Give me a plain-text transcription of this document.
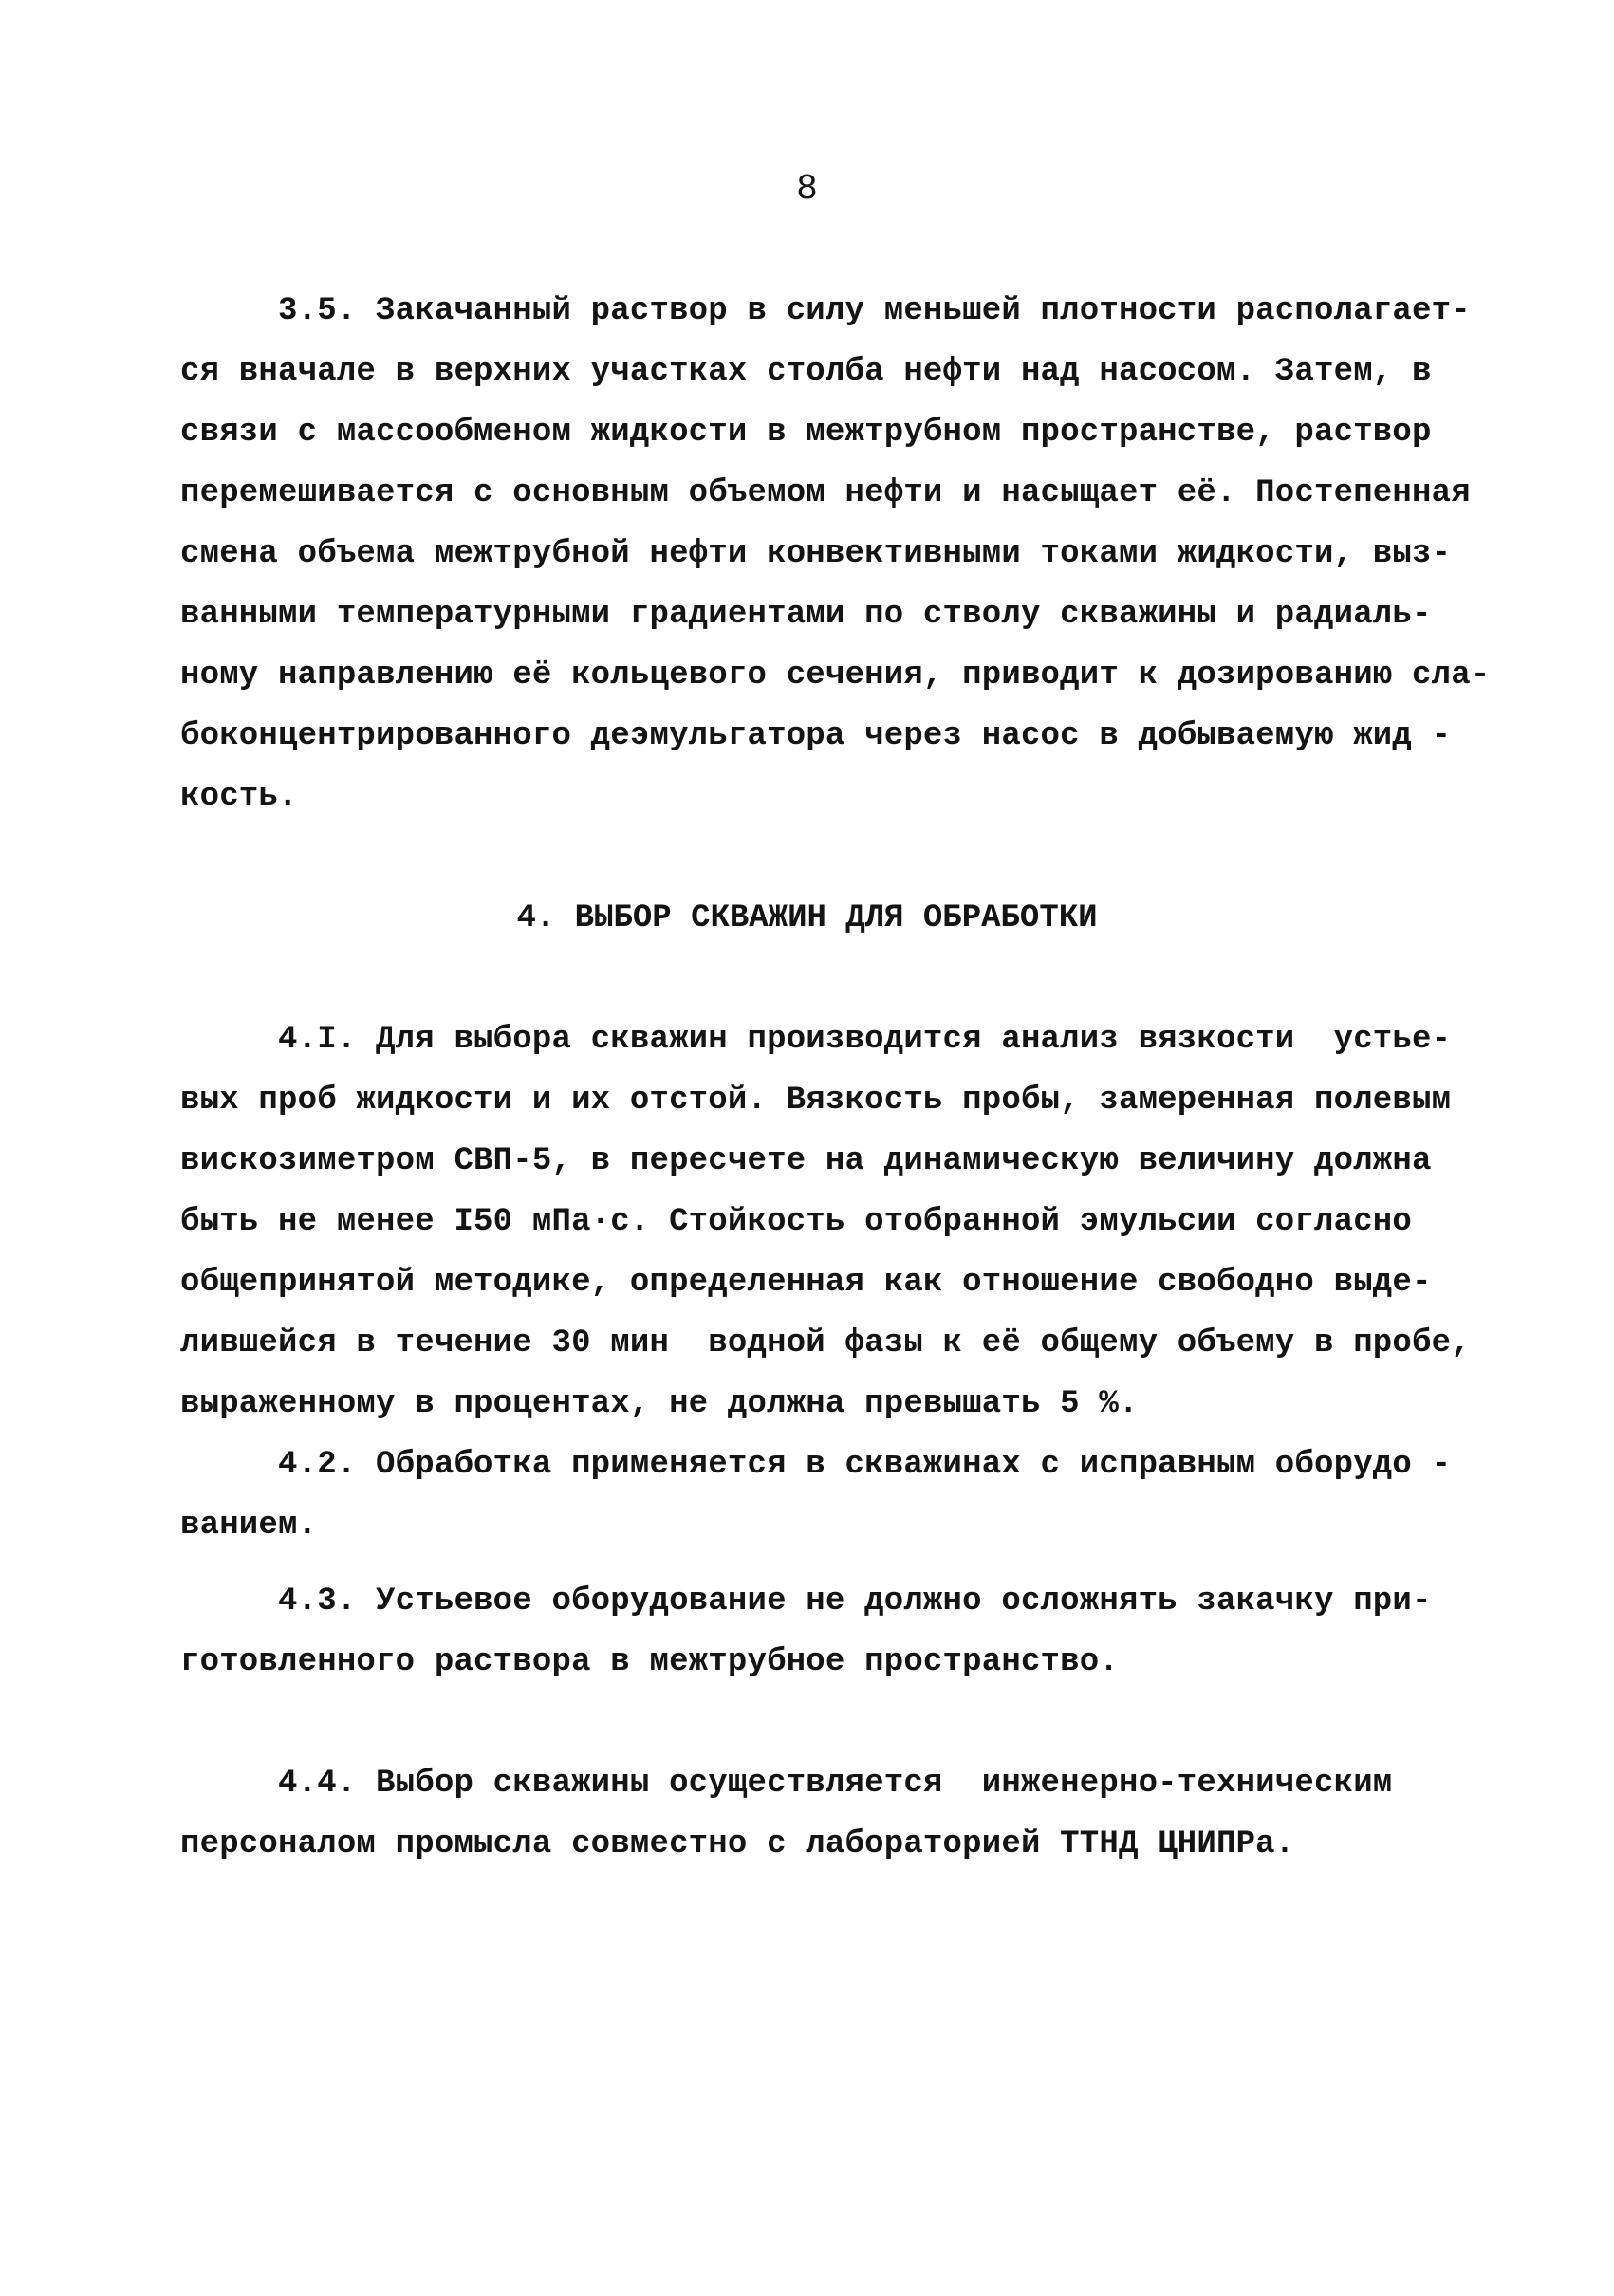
8
3.5. Закачанный раствор в силу меньшей плотности располагает-
ся вначале в верхних участках столба нефти над насосом. Затем, в
связи с массообменом жидкости в межтрубном пространстве, раствор
перемешивается с основным объемом нефти и насыщает её. Постепенная
смена объема межтрубной нефти конвективными токами жидкости, выз-
ванными температурными градиентами по стволу скважины и радиаль-
ному направлению её кольцевого сечения, приводит к дозированию сла-
боконцентрированного деэмульгатора через насос в добываемую жид -
кость.
4. ВЫБОР СКВАЖИН ДЛЯ ОБРАБОТКИ
4.I. Для выбора скважин производится анализ вязкости  устье-
вых проб жидкости и их отстой. Вязкость пробы, замеренная полевым
вискозиметром СВП-5, в пересчете на динамическую величину должна
быть не менее I50 мПа·с. Стойкость отобранной эмульсии согласно
общепринятой методике, определенная как отношение свободно выде-
лившейся в течение 30 мин  водной фазы к её общему объему в пробе,
выраженному в процентах, не должна превышать 5 %.
4.2. Обработка применяется в скважинах с исправным оборудо -
ванием.
4.3. Устьевое оборудование не должно осложнять закачку при-
готовленного раствора в межтрубное пространство.
4.4. Выбор скважины осуществляется  инженерно-техническим
персоналом промысла совместно с лабораторией ТТНД ЦНИПРа.
